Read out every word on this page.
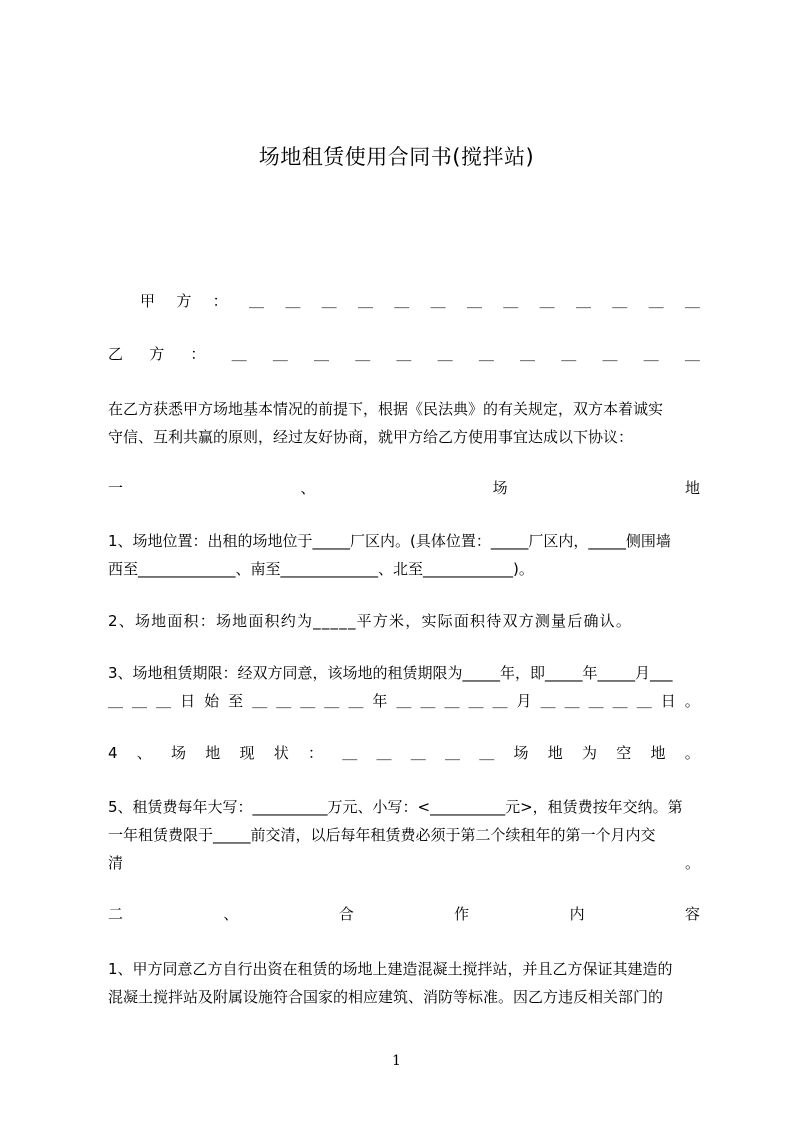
场地租赁使用合同书(搅拌站)
甲 方 ： ＿ ＿ ＿ ＿ ＿ ＿ ＿ ＿ ＿ ＿ ＿ ＿ ＿
乙 方 ： ＿ ＿ ＿ ＿ ＿ ＿ ＿ ＿ ＿ ＿ ＿ ＿
在乙方获悉甲方场地基本情况的前提下，根据《民法典》的有关规定，双方本着诚实
守信、互利共赢的原则，经过友好协商，就甲方给乙方使用事宜达成以下协议：
一	、	场	地
1、场地位置：出租的场地位于_____厂区内。(具体位置：_____厂区内，_____侧围墙
西至_____________、南至_____________、北至____________)。
2、场地面积：场地面积约为_____平方米，实际面积待双方测量后确认。
3、场地租赁期限：经双方同意，该场地的租赁期限为_____年，即_____年_____月___
＿ ＿ ＿ 日 始 至 ＿ ＿ ＿ ＿ ＿ 年 ＿ ＿ ＿ ＿ ＿ 月 ＿ ＿ ＿ ＿ ＿ 日 。
4 、 场 地 现 状 ： ＿ ＿ ＿ ＿ ＿ 场 地 为 空 地 。
5、租赁费每年大写：__________万元、小写：<__________元>，租赁费按年交纳。第
一年租赁费限于_____前交清，以后每年租赁费必须于第二个续租年的第一个月内交
清	。
二	、	合	作	内	容
1、甲方同意乙方自行出资在租赁的场地上建造混凝土搅拌站，并且乙方保证其建造的
混凝土搅拌站及附属设施符合国家的相应建筑、消防等标准。因乙方违反相关部门的
1
